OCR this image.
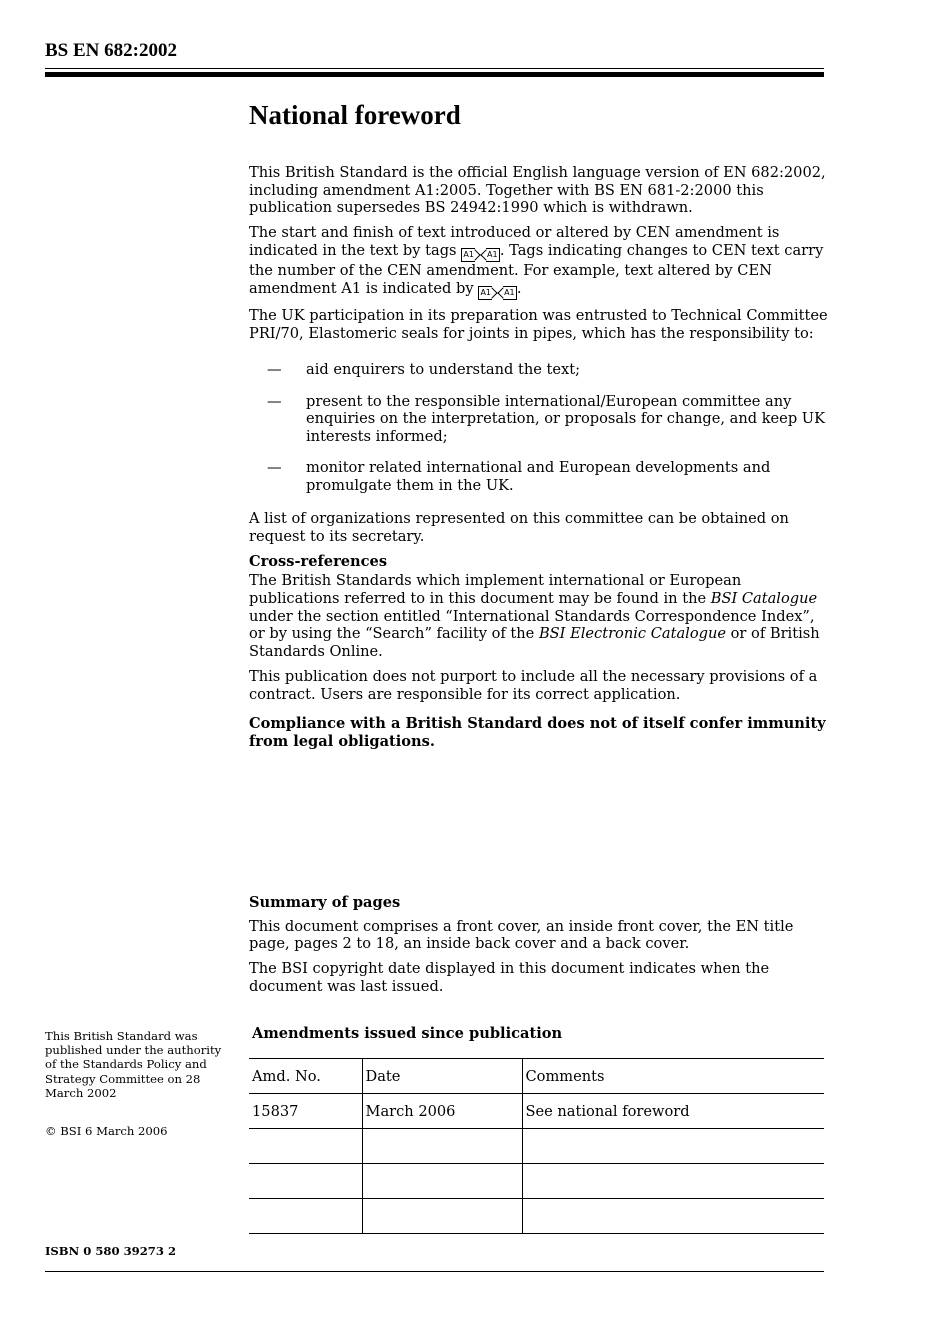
BS EN 682:2002
National foreword

This British Standard is the official English language version of EN 682:2002, including amendment A1:2005. Together with BS EN 681-2:2000 this publication supersedes BS 24942:1990 which is withdrawn.

The start and finish of text introduced or altered by CEN amendment is indicated in the text by tags A1 A1 . Tags indicating changes to CEN text carry the number of the CEN amendment. For example, text altered by CEN amendment A1 is indicated by A1 A1 .

The UK participation in its preparation was entrusted to Technical Committee PRI/70, Elastomeric seals for joints in pipes, which has the responsibility to:

—	aid enquirers to understand the text;
—	present to the responsible international/European committee any enquiries on the interpretation, or proposals for change, and keep UK interests informed;
—	monitor related international and European developments and promulgate them in the UK.

A list of organizations represented on this committee can be obtained on request to its secretary.

Cross-references

The British Standards which implement international or European publications referred to in this document may be found in the BSI Catalogue under the section entitled “International Standards Correspondence Index”, or by using the “Search” facility of the BSI Electronic Catalogue or of British Standards Online.

This publication does not purport to include all the necessary provisions of a contract. Users are responsible for its correct application.

Compliance with a British Standard does not of itself confer immunity from legal obligations.

Summary of pages

This document comprises a front cover, an inside front cover, the EN title page, pages 2 to 18, an inside back cover and a back cover.

The BSI copyright date displayed in this document indicates when the document was last issued.

This British Standard was published under the authority of the Standards Policy and Strategy Committee on 28 March 2002
© BSI 6 March 2006
ISBN 0 580 39273 2
Amendments issued since publication
Amd. No.	Date	Comments
15837	March 2006	See national foreword
